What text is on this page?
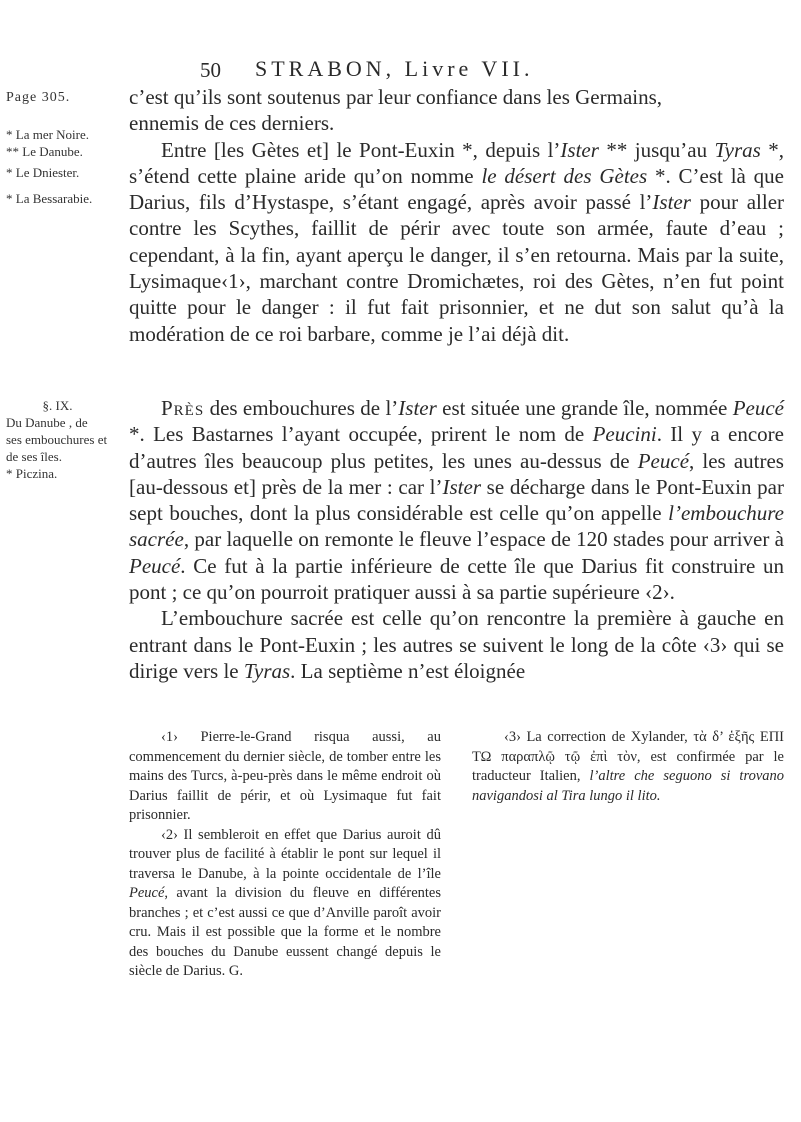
50 STRABON, Livre VII.
Page 305.
* La mer Noire.
** Le Danube.
* Le Dniester.
* La Bessarabie.
§. IX.
Du Danube , de
ses embouchures et
de ses îles.
* Piczina.

c’est qu’ils sont soutenus par leur confiance dans les Germains,
ennemis de ces derniers.

Entre [les Gètes et] le Pont-Euxin *, depuis l’Ister ** jusqu’au Tyras *, s’étend cette plaine aride qu’on nomme le désert des Gètes *. C’est là que Darius, fils d’Hystaspe, s’étant engagé, après avoir passé l’Ister pour aller contre les Scythes, faillit de périr avec toute son armée, faute d’eau ; cependant, à la fin, ayant aperçu le danger, il s’en retourna. Mais par la suite, Lysimaque‹1›, marchant contre Dromichætes, roi des Gètes, n’en fut point quitte pour le danger : il fut fait prisonnier, et ne dut son salut qu’à la modération de ce roi barbare, comme je l’ai déjà dit.

Près des embouchures de l’Ister est située une grande île, nommée Peucé *. Les Bastarnes l’ayant occupée, prirent le nom de Peucini. Il y a encore d’autres îles beaucoup plus petites, les unes au-dessus de Peucé, les autres [au-dessous et] près de la mer : car l’Ister se décharge dans le Pont-Euxin par sept bouches, dont la plus considérable est celle qu’on appelle l’embouchure sacrée, par laquelle on remonte le fleuve l’espace de 120 stades pour arriver à Peucé. Ce fut à la partie inférieure de cette île que Darius fit construire un pont ; ce qu’on pourroit pratiquer aussi à sa partie supérieure ‹2›.

L’embouchure sacrée est celle qu’on rencontre la première à gauche en entrant dans le Pont-Euxin ; les autres se suivent le long de la côte ‹3› qui se dirige vers le Tyras. La septième n’est éloignée

‹1› Pierre-le-Grand risqua aussi, au commencement du dernier siècle, de tomber entre les mains des Turcs, à-peu-près dans le même endroit où Darius faillit de périr, et où Lysimaque fut fait prisonnier.

‹2› Il sembleroit en effet que Darius auroit dû trouver plus de facilité à établir le pont sur lequel il traversa le Danube, à la pointe occidentale de l’île Peucé, avant la division du fleuve en différentes branches ; et c’est aussi ce que d’Anville paroît avoir cru. Mais il est possible que la forme et le nombre des bouches du Danube eussent changé depuis le siècle de Darius. G.

‹3› La correction de Xylander, τὰ δ’ ἑξῆς ΕΠΙ ΤΩ παραπλῷ τῷ ἐπὶ τὸν, est confirmée par le traducteur Italien, l’altre che seguono si trovano navigandosi al Tira lungo il lito.
